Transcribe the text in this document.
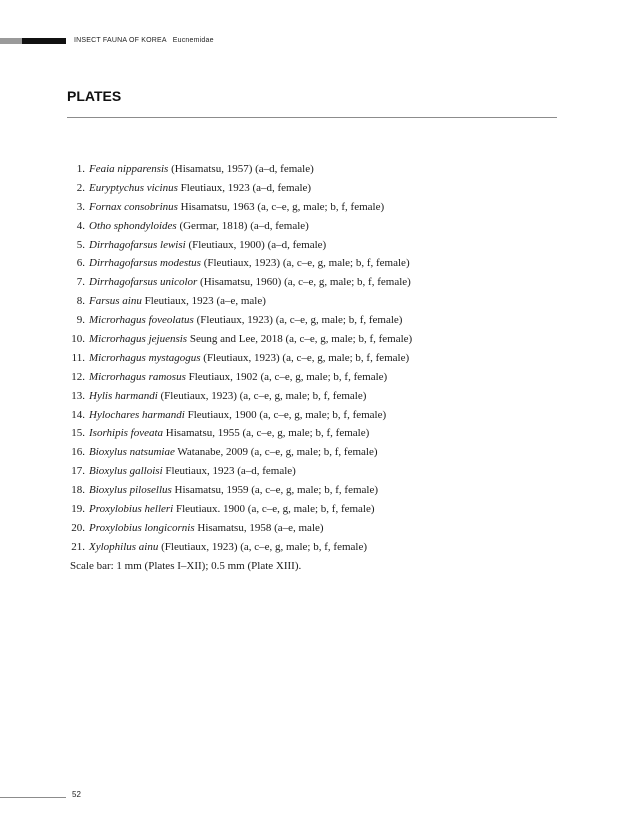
INSECT FAUNA OF KOREA Eucnemidae
PLATES
1. Feaia nipparensis (Hisamatsu, 1957) (a–d, female)
2. Euryptychus vicinus Fleutiaux, 1923 (a–d, female)
3. Fornax consobrinus Hisamatsu, 1963 (a, c–e, g, male; b, f, female)
4. Otho sphondyloides (Germar, 1818) (a–d, female)
5. Dirrhagofarsus lewisi (Fleutiaux, 1900) (a–d, female)
6. Dirrhagofarsus modestus (Fleutiaux, 1923) (a, c–e, g, male; b, f, female)
7. Dirrhagofarsus unicolor (Hisamatsu, 1960) (a, c–e, g, male; b, f, female)
8. Farsus ainu Fleutiaux, 1923 (a–e, male)
9. Microrhagus foveolatus (Fleutiaux, 1923) (a, c–e, g, male; b, f, female)
10. Microrhagus jejuensis Seung and Lee, 2018 (a, c–e, g, male; b, f, female)
11. Microrhagus mystagogus (Fleutiaux, 1923) (a, c–e, g, male; b, f, female)
12. Microrhagus ramosus Fleutiaux, 1902 (a, c–e, g, male; b, f, female)
13. Hylis harmandi (Fleutiaux, 1923) (a, c–e, g, male; b, f, female)
14. Hylochares harmandi Fleutiaux, 1900 (a, c–e, g, male; b, f, female)
15. Isorhipis foveata Hisamatsu, 1955 (a, c–e, g, male; b, f, female)
16. Bioxylus natsumiae Watanabe, 2009 (a, c–e, g, male; b, f, female)
17. Bioxylus galloisi Fleutiaux, 1923 (a–d, female)
18. Bioxylus pilosellus Hisamatsu, 1959 (a, c–e, g, male; b, f, female)
19. Proxylobius helleri Fleutiaux. 1900 (a, c–e, g, male; b, f, female)
20. Proxylobius longicornis Hisamatsu, 1958 (a–e, male)
21. Xylophilus ainu (Fleutiaux, 1923) (a, c–e, g, male; b, f, female)
Scale bar: 1 mm (Plates I–XII); 0.5 mm (Plate XIII).
52
